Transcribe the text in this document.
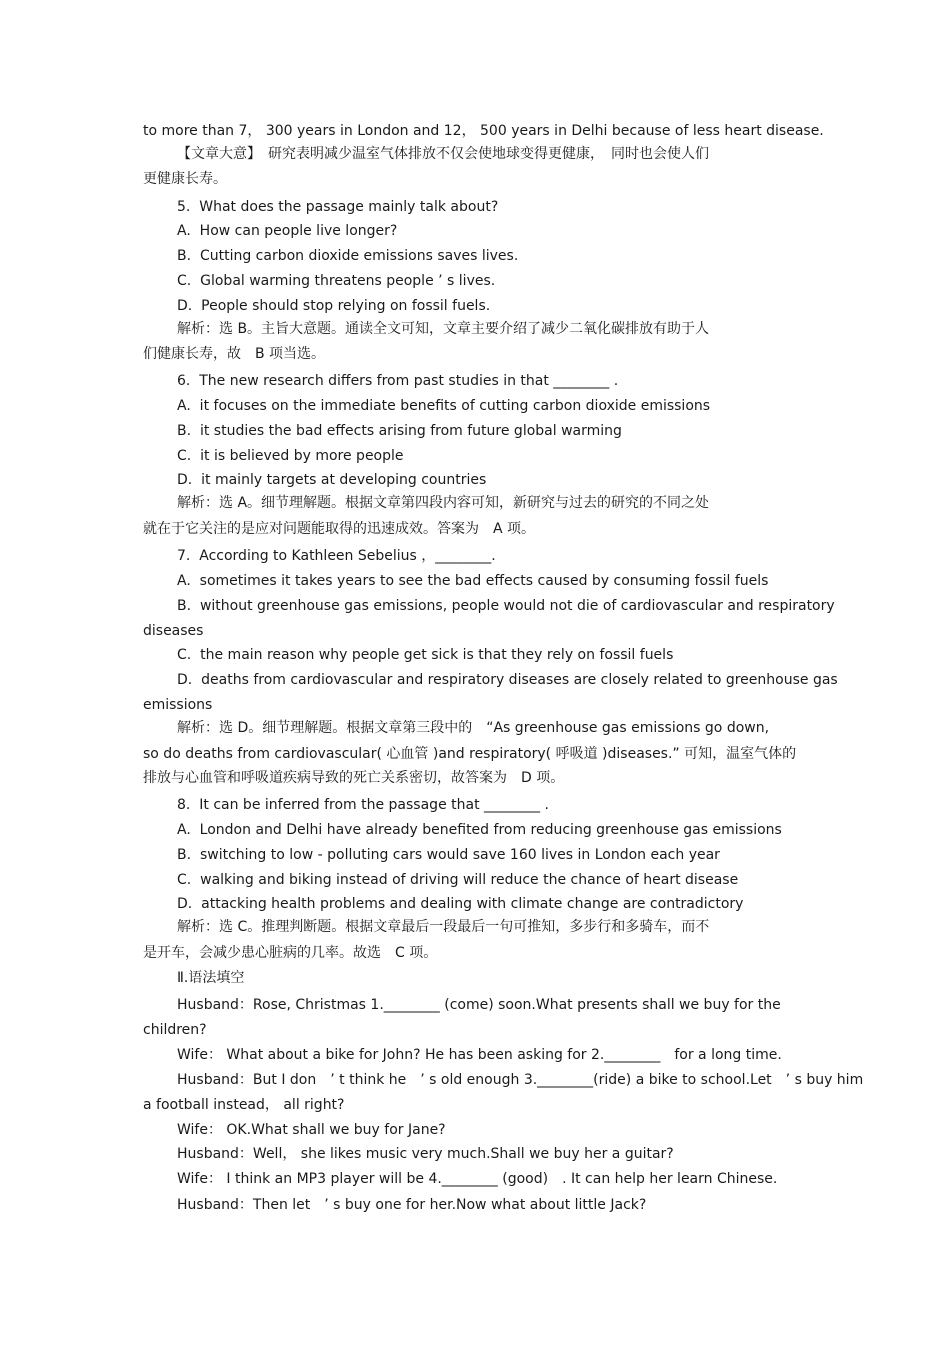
to more than 7， 300 years in London and 12， 500 years in Delhi because of less heart disease.
【文章大意】　研究表明减少温室气体排放不仅会使地球变得更健康，　同时也会使人们
更健康长寿。
5.  What does the passage mainly talk about?
A.  How can people live longer?
B.  Cutting carbon dioxide emissions saves lives.
C.  Global warming threatens people ’ s lives.
D.  People should stop relying on fossil fuels.
解析：选 B。主旨大意题。通读全文可知，文章主要介绍了减少二氧化碳排放有助于人
们健康长寿，故　B 项当选。
6.  The new research differs from past studies in that ________ .
A.  it focuses on the immediate benefits of cutting carbon dioxide emissions
B.  it studies the bad effects arising from future global warming
C.  it is believed by more people
D.  it mainly targets at developing countries
解析：选 A。细节理解题。根据文章第四段内容可知，新研究与过去的研究的不同之处
就在于它关注的是应对问题能取得的迅速成效。答案为　A 项。
7.  According to Kathleen Sebelius ，________.
A.  sometimes it takes years to see the bad effects caused by consuming fossil fuels
B.  without greenhouse gas emissions, people would not die of cardiovascular and respiratory
diseases
C.  the main reason why people get sick is that they rely on fossil fuels
D.  deaths from cardiovascular and respiratory diseases are closely related to greenhouse gas
emissions
解析：选 D。细节理解题。根据文章第三段中的　“As greenhouse gas emissions go down,
so do deaths from cardiovascular( 心血管 )and respiratory( 呼吸道 )diseases.” 可知，温室气体的
排放与心血管和呼吸道疾病导致的死亡关系密切，故答案为　D 项。
8.  It can be inferred from the passage that ________ .
A.  London and Delhi have already benefited from reducing greenhouse gas emissions
B.  switching to low - polluting cars would save 160 lives in London each year
C.  walking and biking instead of driving will reduce the chance of heart disease
D.  attacking health problems and dealing with climate change are contradictory
解析：选 C。推理判断题。根据文章最后一段最后一句可推知，多步行和多骑车，而不
是开车，会减少患心脏病的几率。故选　C 项。
Ⅱ.语法填空
Husband：Rose, Christmas 1.________ (come) soon.What presents shall we buy for the
children?
Wife： What about a bike for John? He has been asking for 2.________　for a long time.
Husband：But I don　’ t think he　’ s old enough 3.________(ride) a bike to school.Let　’ s buy him
a football instead， all right?
Wife： OK.What shall we buy for Jane?
Husband：Well， she likes music very much.Shall we buy her a guitar?
Wife： I think an MP3 player will be 4.________ (good)　. It can help her learn Chinese.
Husband：Then let　’ s buy one for her.Now what about little Jack?
